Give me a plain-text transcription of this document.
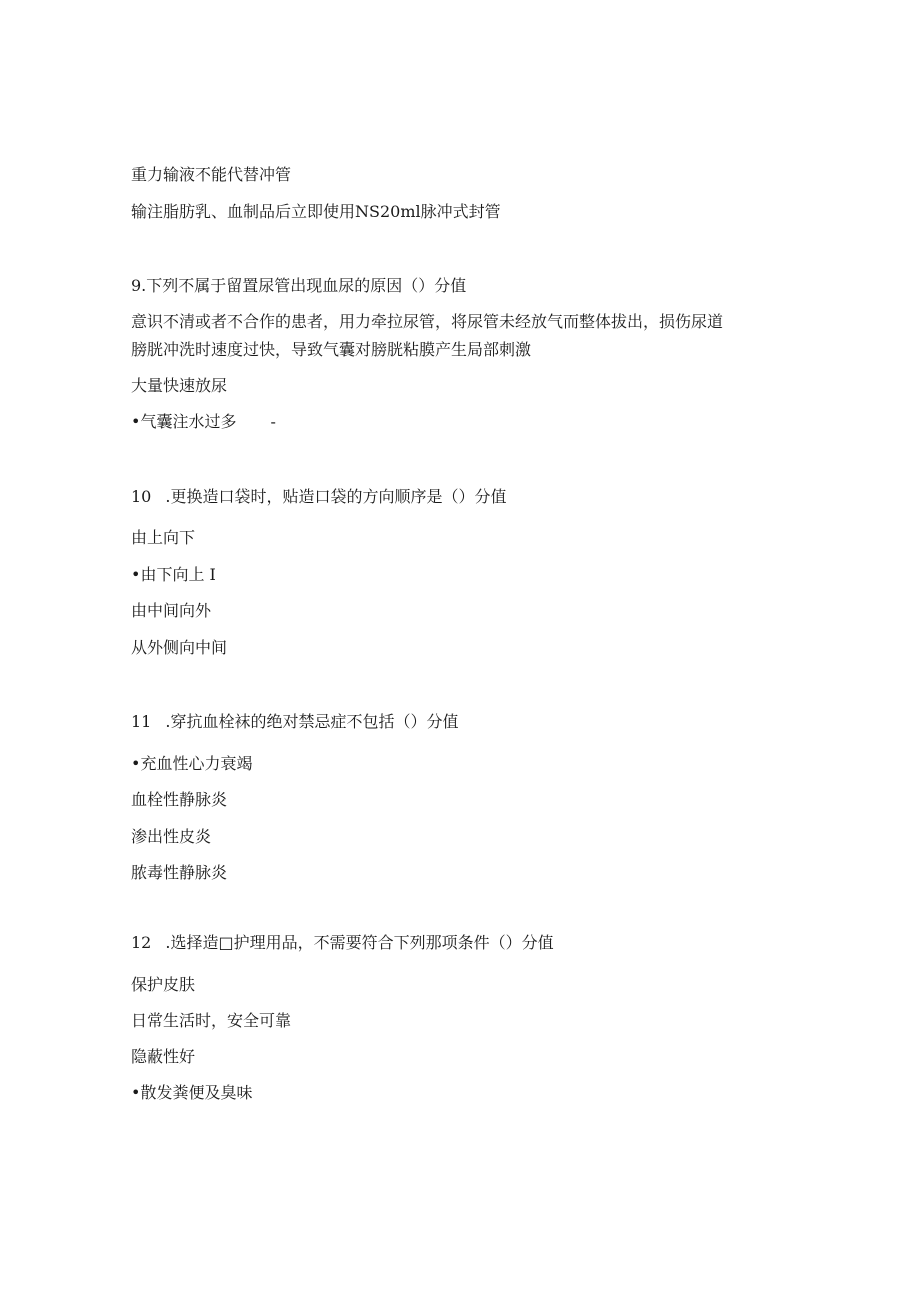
重力输液不能代替冲管
输注脂肪乳、血制品后立即使用NS20ml脉冲式封管
9.下列不属于留置尿管出现血尿的原因（）分值
意识不清或者不合作的患者，用力牵拉尿管，将尿管未经放气而整体拔出，损伤尿道
膀胱冲洗时速度过快，导致气囊对膀胱粘膜产生局部刺激
大量快速放尿
•气囊注水过多 -
10 .更换造口袋时，贴造口袋的方向顺序是（）分值
由上向下
•由下向上 I
由中间向外
从外侧向中间
11 .穿抗血栓袜的绝对禁忌症不包括（）分值
•充血性心力衰竭
血栓性静脉炎
渗出性皮炎
脓毒性静脉炎
12 .选择造□护理用品，不需要符合下列那项条件（）分值
保护皮肤
日常生活时，安全可靠
隐蔽性好
•散发粪便及臭味
